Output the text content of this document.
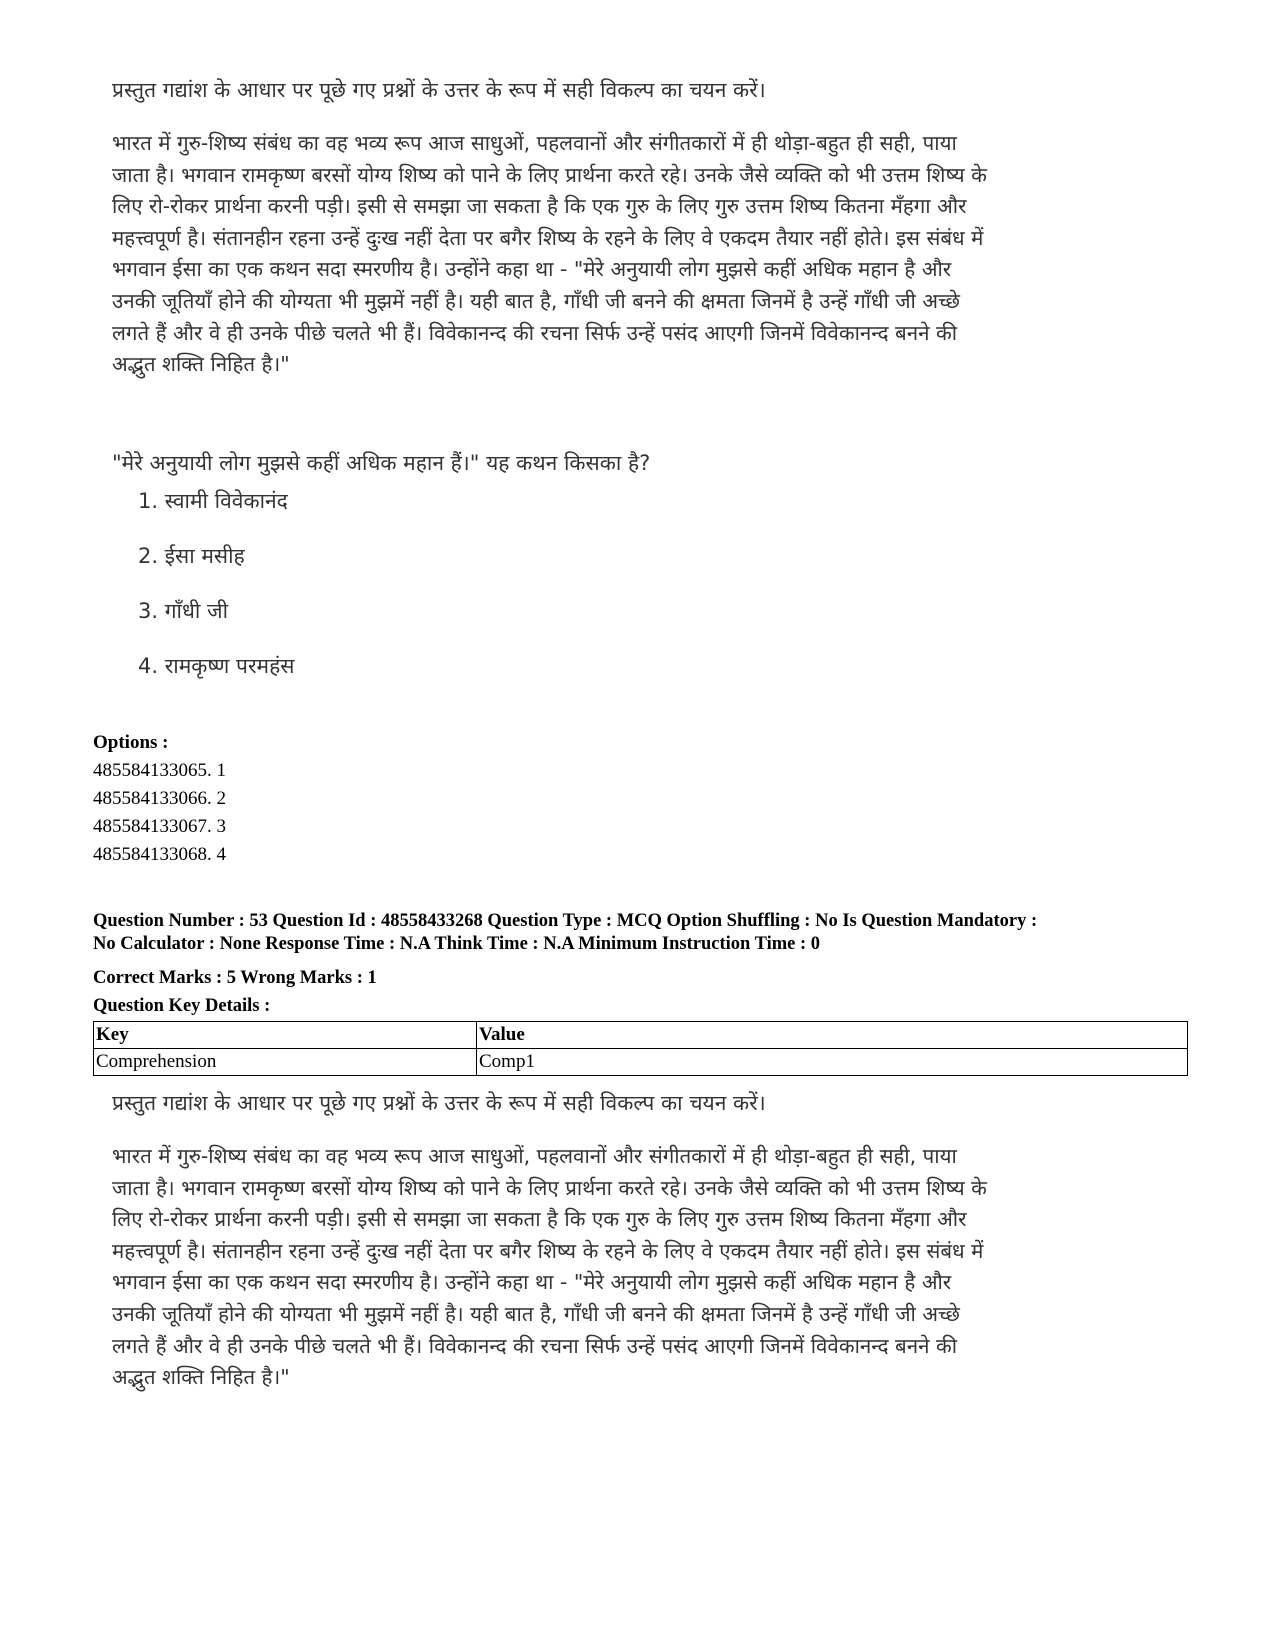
प्रस्तुत गद्यांश के आधार पर पूछे गए प्रश्नों के उत्तर के रूप में सही विकल्प का चयन करें।

भारत में गुरु-शिष्य संबंध का वह भव्य रूप आज साधुओं, पहलवानों और संगीतकारों में ही थोड़ा-बहुत ही सही, पाया

जाता है। भगवान रामकृष्ण बरसों योग्य शिष्य को पाने के लिए प्रार्थना करते रहे। उनके जैसे व्यक्ति को भी उत्तम शिष्य के

लिए रो-रोकर प्रार्थना करनी पड़ी। इसी से समझा जा सकता है कि एक गुरु के लिए गुरु उत्तम शिष्य कितना मँहगा और

महत्त्वपूर्ण है। संतानहीन रहना उन्हें दुःख नहीं देता पर बगैर शिष्य के रहने के लिए वे एकदम तैयार नहीं होते। इस संबंध में

भगवान ईसा का एक कथन सदा स्मरणीय है। उन्होंने कहा था - "मेरे अनुयायी लोग मुझसे कहीं अधिक महान है और

उनकी जूतियाँ होने की योग्यता भी मुझमें नहीं है। यही बात है, गाँधी जी बनने की क्षमता जिनमें है उन्हें गाँधी जी अच्छे

लगते हैं और वे ही उनके पीछे चलते भी हैं। विवेकानन्द की रचना सिर्फ उन्हें पसंद आएगी जिनमें विवेकानन्द बनने की

अद्भुत शक्ति निहित है।"

"मेरे अनुयायी लोग मुझसे कहीं अधिक महान हैं।" यह कथन किसका है?
1. स्वामी विवेकानंद
2. ईसा मसीह
3. गाँधी जी
4. रामकृष्ण परमहंस
Options :
485584133065. 1
485584133066. 2
485584133067. 3
485584133068. 4
Question Number : 53 Question Id : 48558433268 Question Type : MCQ Option Shuffling : No Is Question Mandatory :
No Calculator : None Response Time : N.A Think Time : N.A Minimum Instruction Time : 0
Correct Marks : 5 Wrong Marks : 1
Question Key Details :
Key	Value
Comprehension	Comp1
प्रस्तुत गद्यांश के आधार पर पूछे गए प्रश्नों के उत्तर के रूप में सही विकल्प का चयन करें।

भारत में गुरु-शिष्य संबंध का वह भव्य रूप आज साधुओं, पहलवानों और संगीतकारों में ही थोड़ा-बहुत ही सही, पाया

जाता है। भगवान रामकृष्ण बरसों योग्य शिष्य को पाने के लिए प्रार्थना करते रहे। उनके जैसे व्यक्ति को भी उत्तम शिष्य के

लिए रो-रोकर प्रार्थना करनी पड़ी। इसी से समझा जा सकता है कि एक गुरु के लिए गुरु उत्तम शिष्य कितना मँहगा और

महत्त्वपूर्ण है। संतानहीन रहना उन्हें दुःख नहीं देता पर बगैर शिष्य के रहने के लिए वे एकदम तैयार नहीं होते। इस संबंध में

भगवान ईसा का एक कथन सदा स्मरणीय है। उन्होंने कहा था - "मेरे अनुयायी लोग मुझसे कहीं अधिक महान है और

उनकी जूतियाँ होने की योग्यता भी मुझमें नहीं है। यही बात है, गाँधी जी बनने की क्षमता जिनमें है उन्हें गाँधी जी अच्छे

लगते हैं और वे ही उनके पीछे चलते भी हैं। विवेकानन्द की रचना सिर्फ उन्हें पसंद आएगी जिनमें विवेकानन्द बनने की

अद्भुत शक्ति निहित है।"
